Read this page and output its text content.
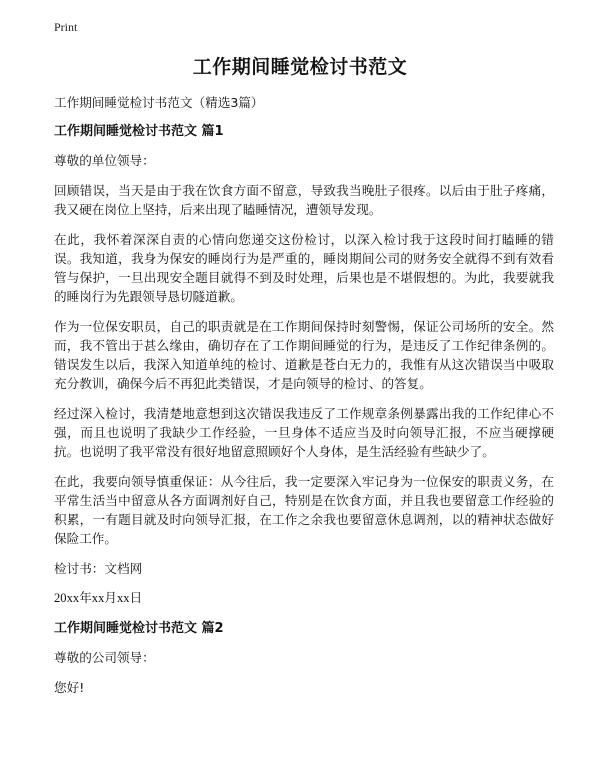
Print
工作期间睡觉检讨书范文

工作期间睡觉检讨书范文（精选3篇）

工作期间睡觉检讨书范文 篇1

尊敬的单位领导：

回顾错误，当天是由于我在饮食方面不留意，导致我当晚肚子很疼。以后由于肚子疼痛，我又硬在岗位上坚持，后来出现了瞌睡情况，遭领导发现。

在此，我怀着深深自责的心情向您递交这份检讨，以深入检讨我于这段时间打瞌睡的错误。我知道，我身为保安的睡岗行为是严重的，睡岗期间公司的财务安全就得不到有效看管与保护，一旦出现安全题目就得不到及时处理，后果也是不堪假想的。为此，我要就我的睡岗行为先跟领导恳切隧道歉。

作为一位保安职员，自己的职责就是在工作期间保持时刻警惕，保证公司场所的安全。然而，我不管出于甚么缘由，确切存在了工作期间睡觉的行为，是违反了工作纪律条例的。错误发生以后，我深入知道单纯的检讨、道歉是苍白无力的，我惟有从这次错误当中吸取充分教训，确保今后不再犯此类错误，才是向领导的检讨、的答复。

经过深入检讨，我清楚地意想到这次错误我违反了工作规章条例暴露出我的工作纪律心不强，而且也说明了我缺少工作经验，一旦身体不适应当及时向领导汇报，不应当硬撑硬抗。也说明了我平常没有很好地留意照顾好个人身体，是生活经验有些缺少了。

在此，我要向领导慎重保证：从今往后，我一定要深入牢记身为一位保安的职责义务，在平常生活当中留意从各方面调剂好自己，特别是在饮食方面，并且我也要留意工作经验的积累，一有题目就及时向领导汇报，在工作之余我也要留意休息调剂，以的精神状态做好保险工作。

检讨书：文档网

20xx年xx月xx日

工作期间睡觉检讨书范文 篇2

尊敬的公司领导：

您好!
